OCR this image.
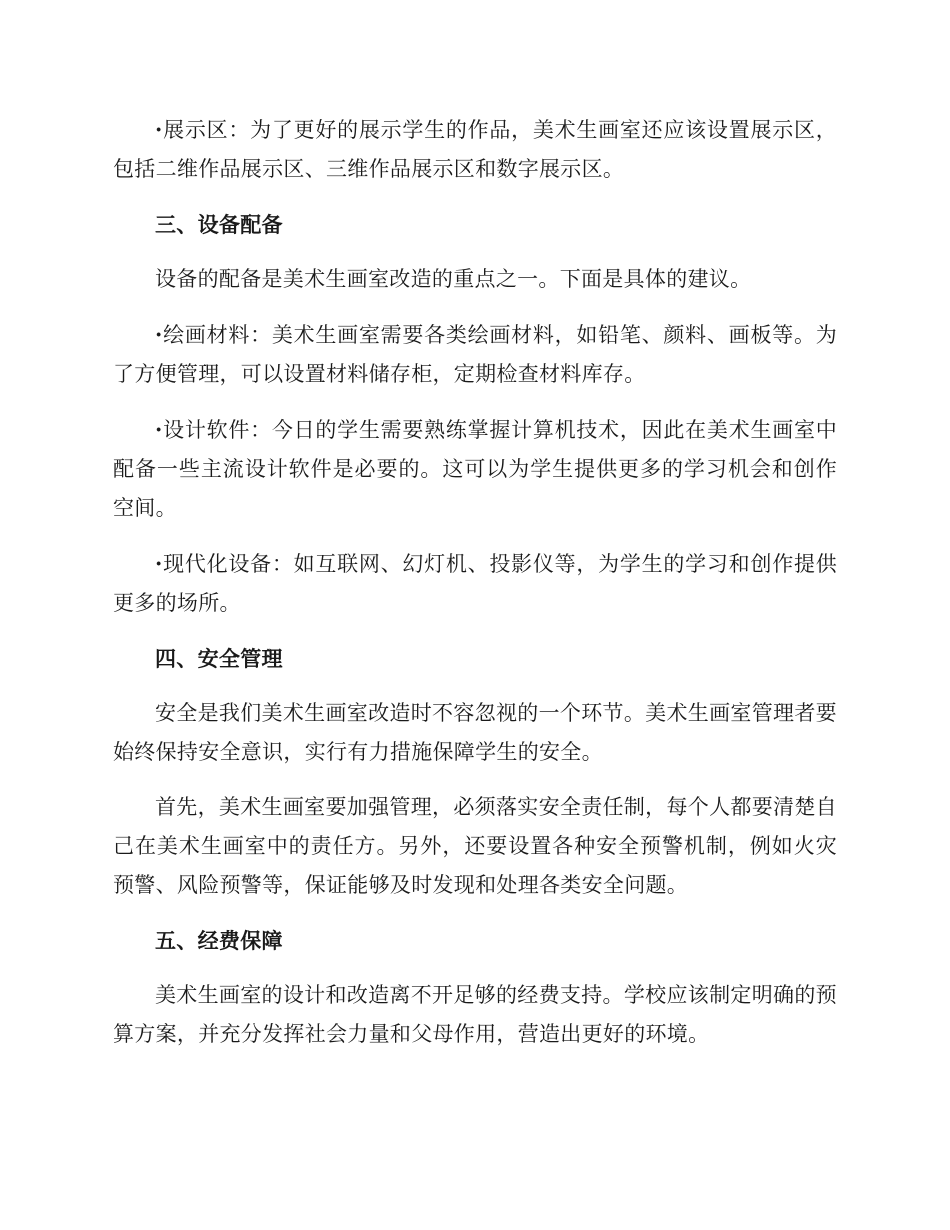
·展示区：为了更好的展示学生的作品，美术生画室还应该设置展示区，包括二维作品展示区、三维作品展示区和数字展示区。

三、设备配备

设备的配备是美术生画室改造的重点之一。下面是具体的建议。

·绘画材料：美术生画室需要各类绘画材料，如铅笔、颜料、画板等。为了方便管理，可以设置材料储存柜，定期检查材料库存。

·设计软件：今日的学生需要熟练掌握计算机技术，因此在美术生画室中配备一些主流设计软件是必要的。这可以为学生提供更多的学习机会和创作空间。

·现代化设备：如互联网、幻灯机、投影仪等，为学生的学习和创作提供更多的场所。

四、安全管理

安全是我们美术生画室改造时不容忽视的一个环节。美术生画室管理者要始终保持安全意识，实行有力措施保障学生的安全。

首先，美术生画室要加强管理，必须落实安全责任制，每个人都要清楚自己在美术生画室中的责任方。另外，还要设置各种安全预警机制，例如火灾预警、风险预警等，保证能够及时发现和处理各类安全问题。

五、经费保障

美术生画室的设计和改造离不开足够的经费支持。学校应该制定明确的预算方案，并充分发挥社会力量和父母作用，营造出更好的环境。
